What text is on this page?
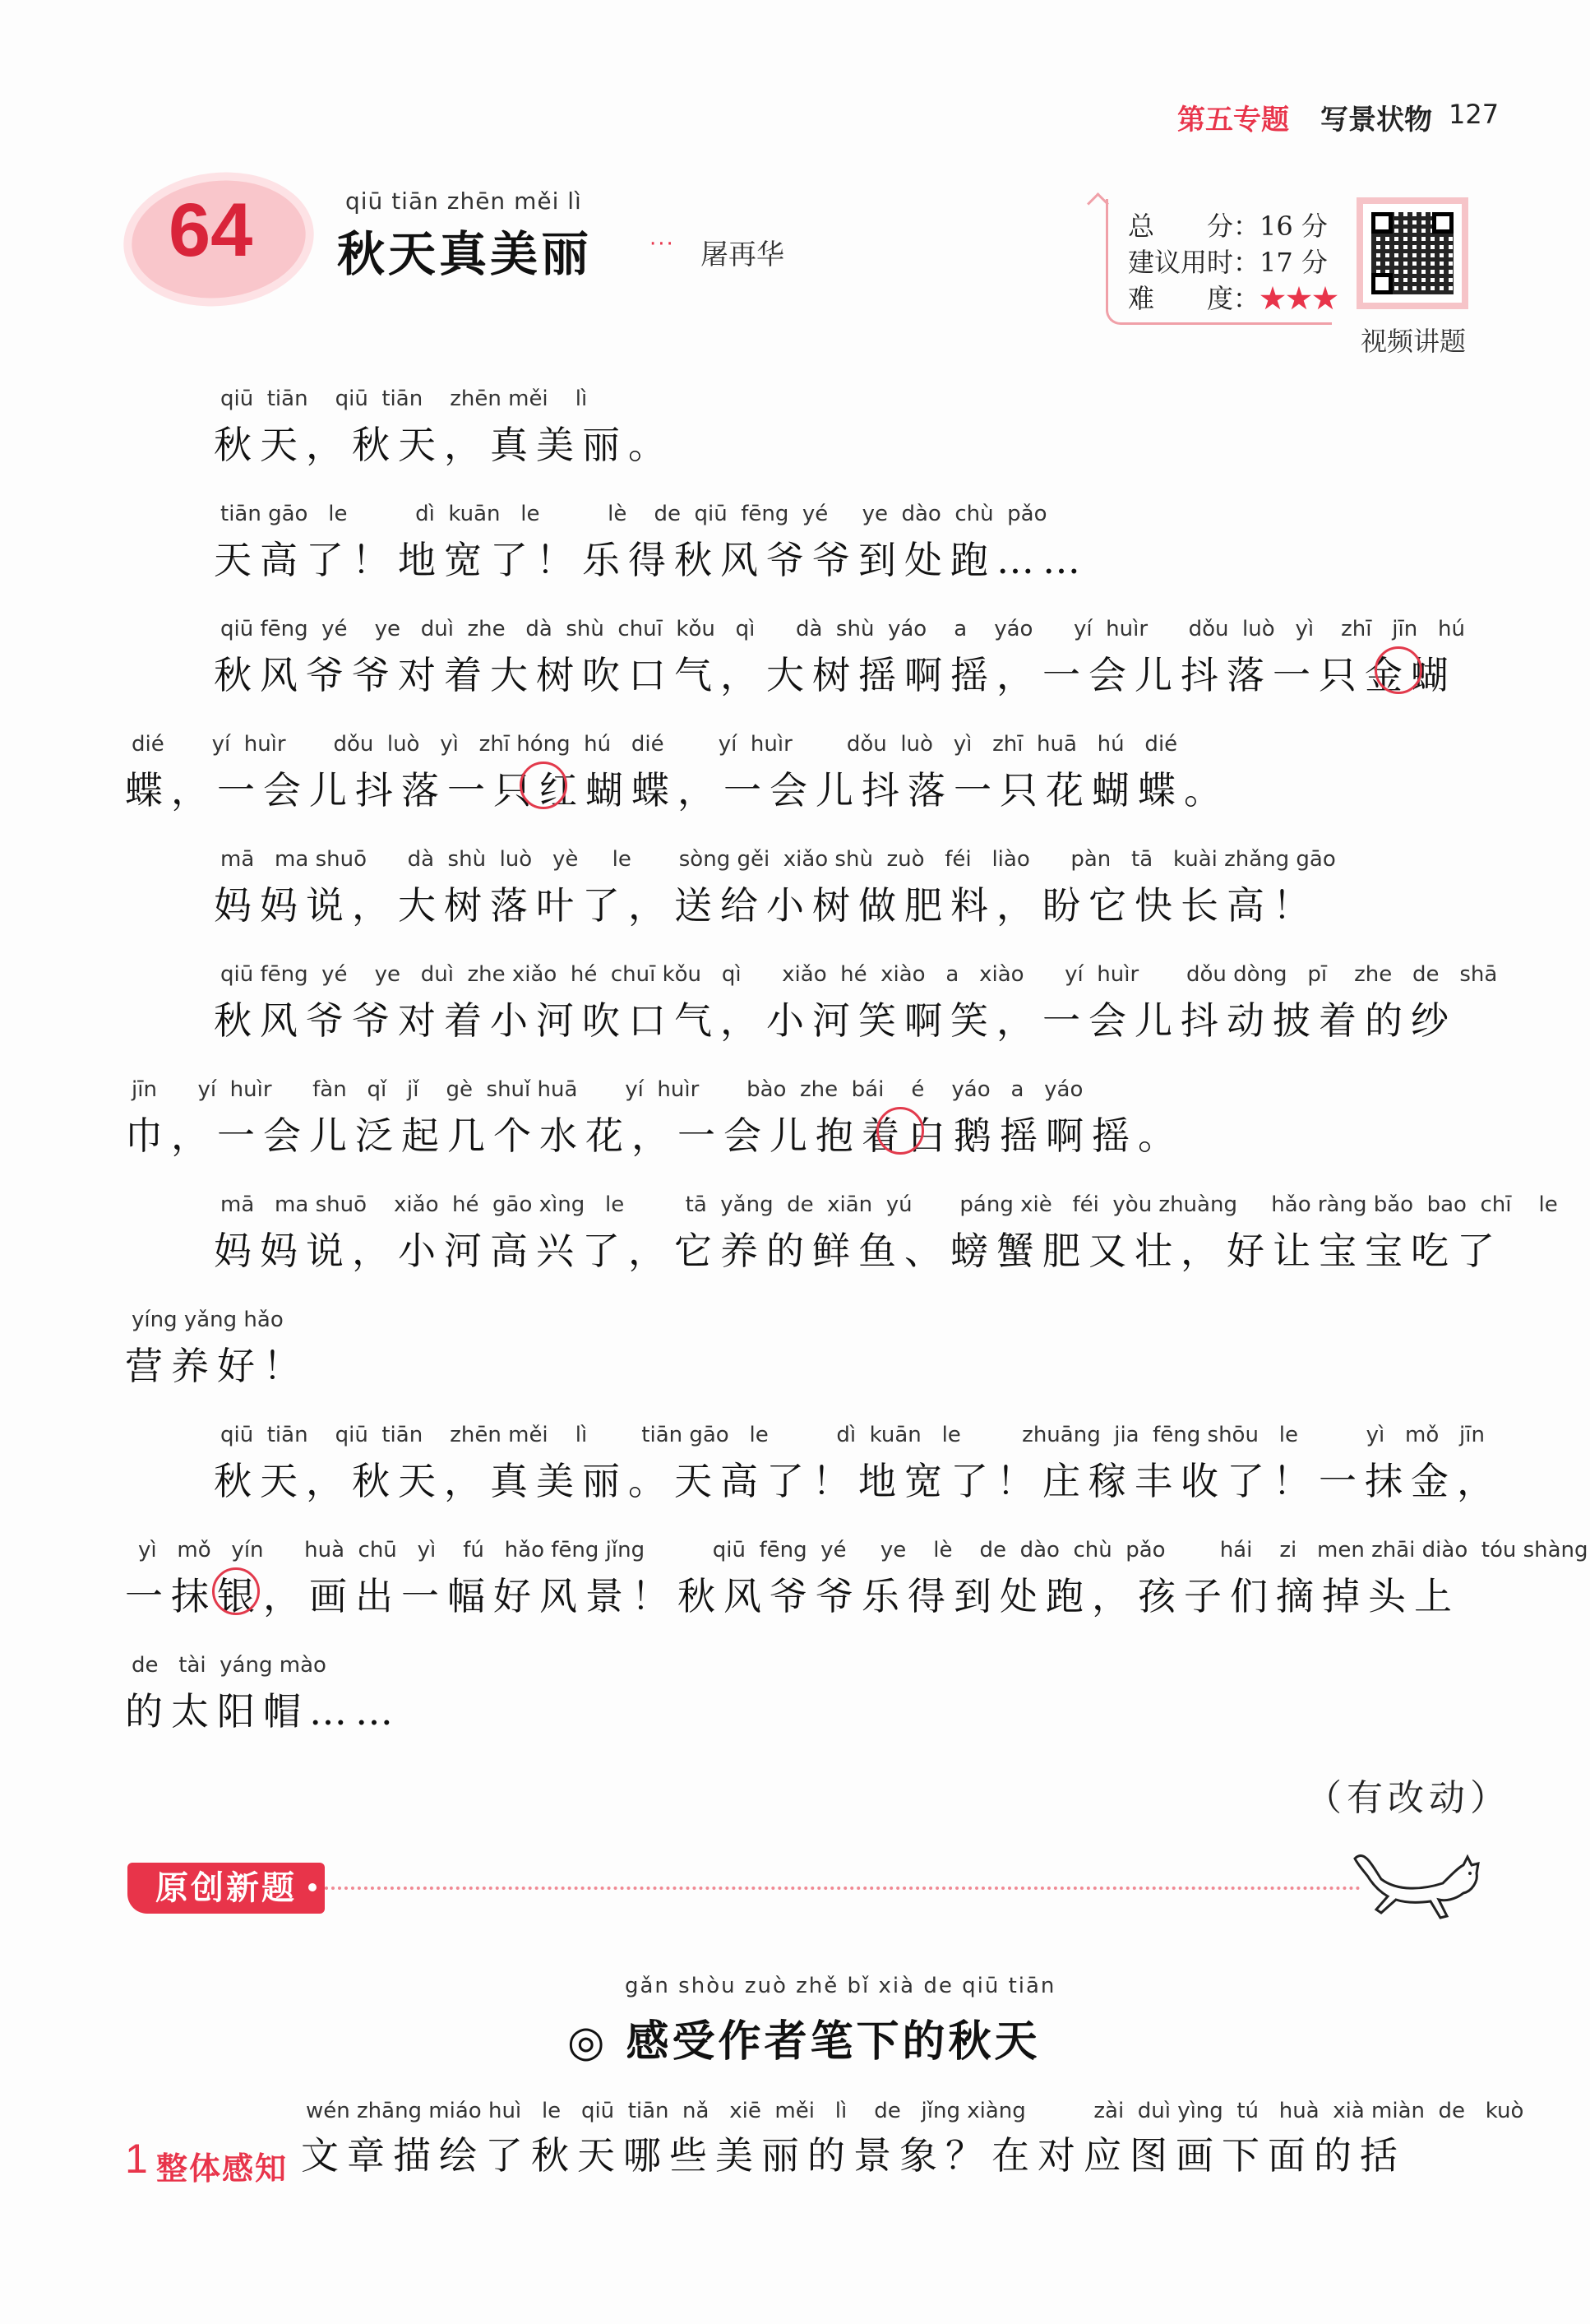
第五专题 写景状物 127
64	qiū tiān zhēn měi lì
秋天真美丽	··· 屠再华
总　　分：16 分
建议用时：17 分
难　　度：★★★
视频讲题
qiū  tiān    qiū  tiān    zhēn měi    lì
秋天，秋天，真美丽。
tiān gāo   le          dì  kuān   le          lè    de  qiū  fēng  yé     ye  dào  chù  pǎo
天高了！地宽了！乐得秋风爷爷到处跑……
qiū fēng  yé    ye   duì  zhe   dà  shù  chuī  kǒu   qì      dà  shù  yáo    a    yáo      yí  huìr      dǒu  luò   yì    zhī   jīn   hú
秋风爷爷对着大树吹口气，大树摇啊摇，一会儿抖落一只金蝴
dié       yí  huìr       dǒu  luò   yì   zhī hóng  hú   dié        yí  huìr        dǒu  luò   yì   zhī  huā   hú   dié
蝶，一会儿抖落一只红蝴蝶，一会儿抖落一只花蝴蝶。
mā   ma shuō      dà  shù  luò   yè     le       sòng gěi  xiǎo shù  zuò   féi   liào      pàn   tā   kuài zhǎng gāo
妈妈说，大树落叶了，送给小树做肥料，盼它快长高！
qiū fēng  yé    ye   duì  zhe xiǎo  hé  chuī kǒu   qì      xiǎo  hé  xiào   a   xiào      yí  huìr       dǒu dòng   pī    zhe   de   shā
秋风爷爷对着小河吹口气，小河笑啊笑，一会儿抖动披着的纱
jīn      yí  huìr      fàn   qǐ   jǐ    gè  shuǐ huā       yí  huìr       bào  zhe  bái    é    yáo   a   yáo
巾，一会儿泛起几个水花，一会儿抱着白鹅摇啊摇。
mā   ma shuō    xiǎo  hé  gāo xìng   le         tā  yǎng  de  xiān  yú       páng xiè   féi  yòu zhuàng     hǎo ràng bǎo  bao  chī    le
妈妈说，小河高兴了，它养的鲜鱼、螃蟹肥又壮，好让宝宝吃了
yíng yǎng hǎo
营养好！
qiū  tiān    qiū  tiān    zhēn měi    lì        tiān gāo   le          dì  kuān   le         zhuāng  jia  fēng shōu   le          yì   mǒ   jīn
秋天，秋天，真美丽。天高了！地宽了！庄稼丰收了！一抹金，
yì   mǒ   yín      huà  chū   yì    fú   hǎo fēng jǐng          qiū  fēng  yé     ye    lè    de  dào  chù  pǎo        hái    zi   men zhāi diào  tóu shàng
一抹银，画出一幅好风景！秋风爷爷乐得到处跑，孩子们摘掉头上
de   tài  yáng mào
的太阳帽……
（有改动）
原创新题
gǎn shòu zuò zhě bǐ xià de qiū tiān
◎ 感受作者笔下的秋天
1 整体感知
wén zhāng miáo huì   le   qiū  tiān  nǎ   xiē  měi   lì    de   jǐng xiàng          zài  duì yìng  tú   huà  xià miàn  de   kuò
文章描绘了秋天哪些美丽的景象？在对应图画下面的括
